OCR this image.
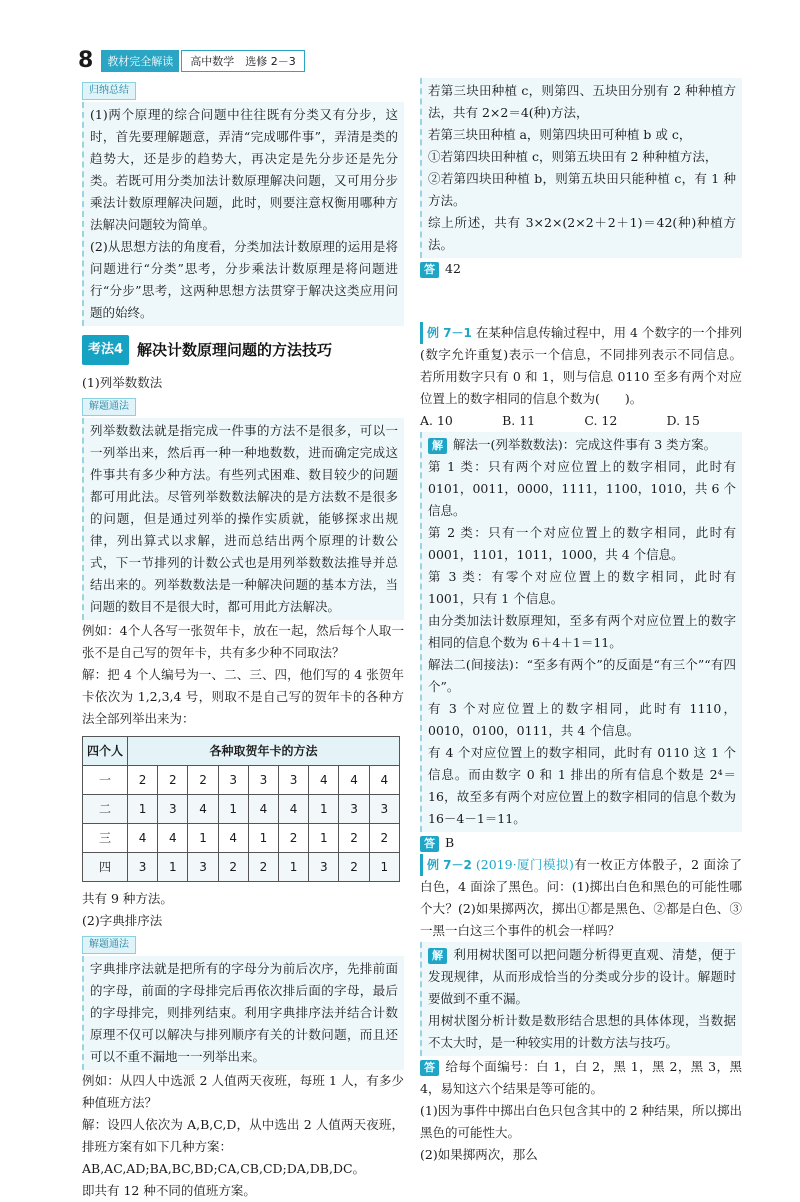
8	教材完全解读	高中数学　选修 2－3
归纳总结

(1)两个原理的综合问题中往往既有分类又有分步，这时，首先要理解题意，弄清“完成哪件事”，弄清是类的趋势大，还是步的趋势大，再决定是先分步还是先分类。若既可用分类加法计数原理解决问题，又可用分步乘法计数原理解决问题，此时，则要注意权衡用哪种方法解决问题较为简单。

(2)从思想方法的角度看，分类加法计数原理的运用是将问题进行“分类”思考，分步乘法计数原理是将问题进行“分步”思考，这两种思想方法贯穿于解决这类应用问题的始终。

考法4 解决计数原理问题的方法技巧

(1)列举数数法

解题通法

列举数数法就是指完成一件事的方法不是很多，可以一一列举出来，然后再一种一种地数数，进而确定完成这件事共有多少种方法。有些列式困难、数目较少的问题都可用此法。尽管列举数数法解决的是方法数不是很多的问题，但是通过列举的操作实质就，能够探求出规律，列出算式以求解，进而总结出两个原理的计数公式，下一节排列的计数公式也是用列举数数法推导并总结出来的。列举数数法是一种解决问题的基本方法，当问题的数目不是很大时，都可用此方法解决。

例如：4个人各写一张贺年卡，放在一起，然后每个人取一张不是自己写的贺年卡，共有多少种不同取法？

解：把 4 个人编号为一、二、三、四，他们写的 4 张贺年卡依次为 1,2,3,4 号，则取不是自己写的贺年卡的各种方法全部列举出来为：

四个人	各种取贺年卡的方法								
一	2	2	2	3	3	3	4	4	4
二	1	3	4	1	4	4	1	3	3
三	4	4	1	4	1	2	1	2	2
四	3	1	3	2	2	1	3	2	1

共有 9 种方法。

(2)字典排序法

解题通法

字典排序法就是把所有的字母分为前后次序，先排前面的字母，前面的字母排完后再依次排后面的字母，最后的字母排完，则排列结束。利用字典排序法并结合计数原理不仅可以解决与排列顺序有关的计数问题，而且还可以不重不漏地一一列举出来。

例如：从四人中选派 2 人值两天夜班，每班 1 人，有多少种值班方法？

解：设四人依次为 A,B,C,D，从中选出 2 人值两天夜班，排班方案有如下几种方案：

AB,AC,AD;BA,BC,BD;CA,CB,CD;DA,DB,DC。

即共有 12 种不同的值班方案。

若第三块田种植 c，则第四、五块田分别有 2 种种植方法，共有 2×2＝4(种)方法，

若第三块田种植 a，则第四块田可种植 b 或 c，

①若第四块田种植 c，则第五块田有 2 种种植方法，

②若第四块田种植 b，则第五块田只能种植 c，有 1 种方法。

综上所述，共有 3×2×(2×2＋2＋1)＝42(种)种植方法。

答 42

例 7－1 在某种信息传输过程中，用 4 个数字的一个排列(数字允许重复)表示一个信息，不同排列表示不同信息。若所用数字只有 0 和 1，则与信息 0110 至多有两个对应位置上的数字相同的信息个数为(　　)。

A. 10	B. 11	C. 12	D. 15

解 解法一(列举数数法)：完成这件事有 3 类方案。

第 1 类：只有两个对应位置上的数字相同，此时有 0101，0011，0000，1111，1100，1010，共 6 个信息。

第 2 类：只有一个对应位置上的数字相同，此时有 0001，1101，1011，1000，共 4 个信息。

第 3 类：有零个对应位置上的数字相同，此时有 1001，只有 1 个信息。

由分类加法计数原理知，至多有两个对应位置上的数字相同的信息个数为 6＋4＋1＝11。

解法二(间接法)：“至多有两个”的反面是“有三个”“有四个”。

有 3 个对应位置上的数字相同，此时有 1110，0010，0100，0111，共 4 个信息。

有 4 个对应位置上的数字相同，此时有 0110 这 1 个信息。而由数字 0 和 1 排出的所有信息个数是 2⁴＝16，故至多有两个对应位置上的数字相同的信息个数为 16－4－1＝11。

答 B

例 7－2 (2019·厦门模拟)有一枚正方体骰子，2 面涂了白色，4 面涂了黑色。问：(1)掷出白色和黑色的可能性哪个大？(2)如果掷两次，掷出①都是黑色、②都是白色、③一黑一白这三个事件的机会一样吗？

解 利用树状图可以把问题分析得更直观、清楚，便于发现规律，从而形成恰当的分类或分步的设计。解题时要做到不重不漏。

用树状图分析计数是数形结合思想的具体体现，当数据不太大时，是一种较实用的计数方法与技巧。

答 给每个面编号：白 1，白 2，黑 1，黑 2，黑 3，黑 4，易知这六个结果是等可能的。

(1)因为事件中掷出白色只包含其中的 2 种结果，所以掷出黑色的可能性大。

(2)如果掷两次，那么
